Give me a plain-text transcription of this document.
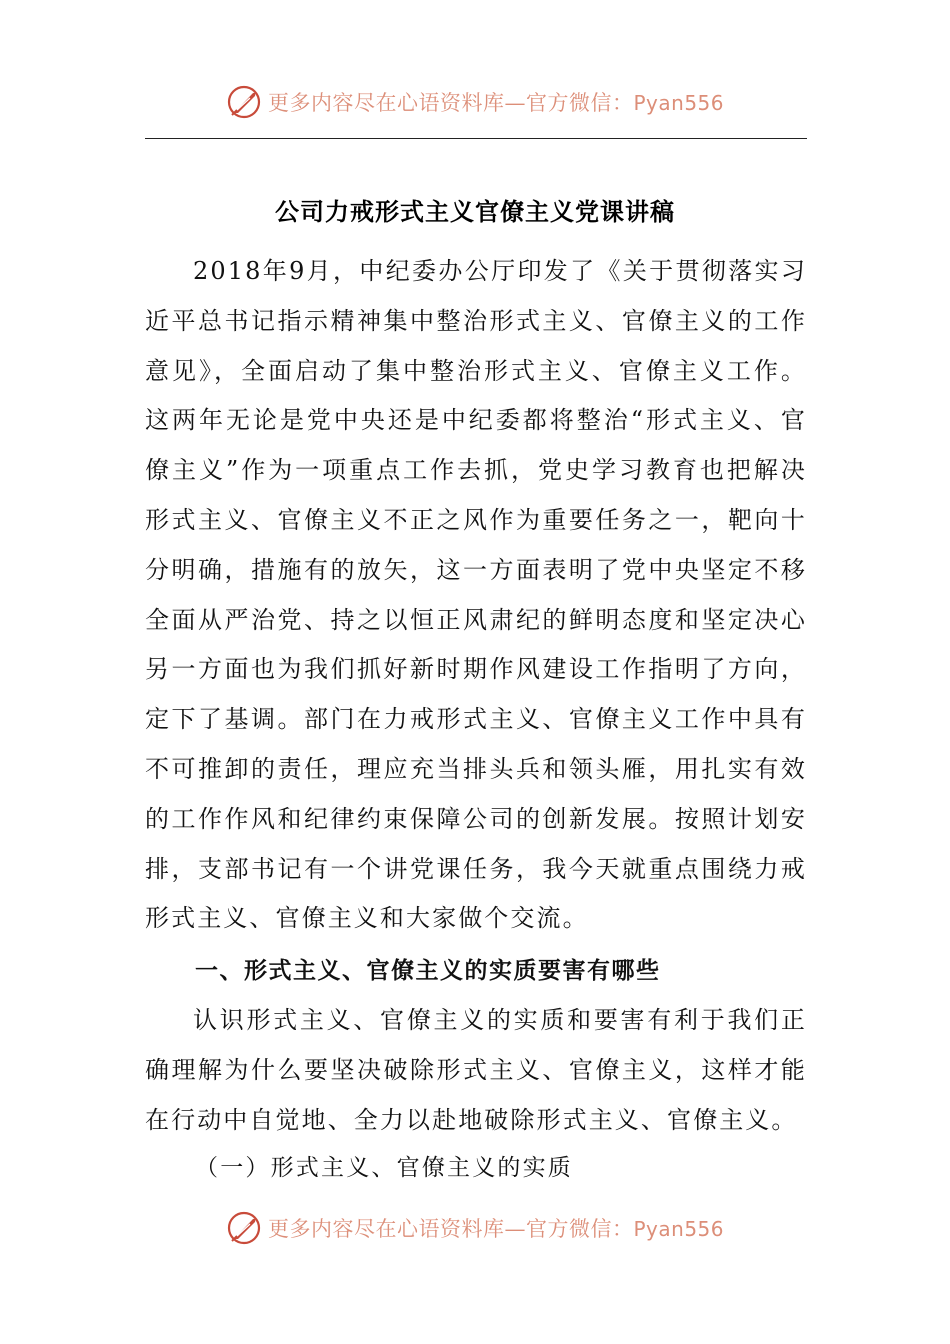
更多内容尽在心语资料库—官方微信：Pyan556
公司力戒形式主义官僚主义党课讲稿

2018年9月，中纪委办公厅印发了《关于贯彻落实习近平总书记指示精神集中整治形式主义、官僚主义的工作意见》，全面启动了集中整治形式主义、官僚主义工作。这两年无论是党中央还是中纪委都将整治“形式主义、官僚主义”作为一项重点工作去抓，党史学习教育也把解决形式主义、官僚主义不正之风作为重要任务之一，靶向十分明确，措施有的放矢，这一方面表明了党中央坚定不移全面从严治党、持之以恒正风肃纪的鲜明态度和坚定决心另一方面也为我们抓好新时期作风建设工作指明了方向，定下了基调。部门在力戒形式主义、官僚主义工作中具有不可推卸的责任，理应充当排头兵和领头雁，用扎实有效的工作作风和纪律约束保障公司的创新发展。按照计划安排，支部书记有一个讲党课任务，我今天就重点围绕力戒形式主义、官僚主义和大家做个交流。

一、形式主义、官僚主义的实质要害有哪些

认识形式主义、官僚主义的实质和要害有利于我们正确理解为什么要坚决破除形式主义、官僚主义，这样才能在行动中自觉地、全力以赴地破除形式主义、官僚主义。

（一）形式主义、官僚主义的实质

更多内容尽在心语资料库—官方微信：Pyan556
